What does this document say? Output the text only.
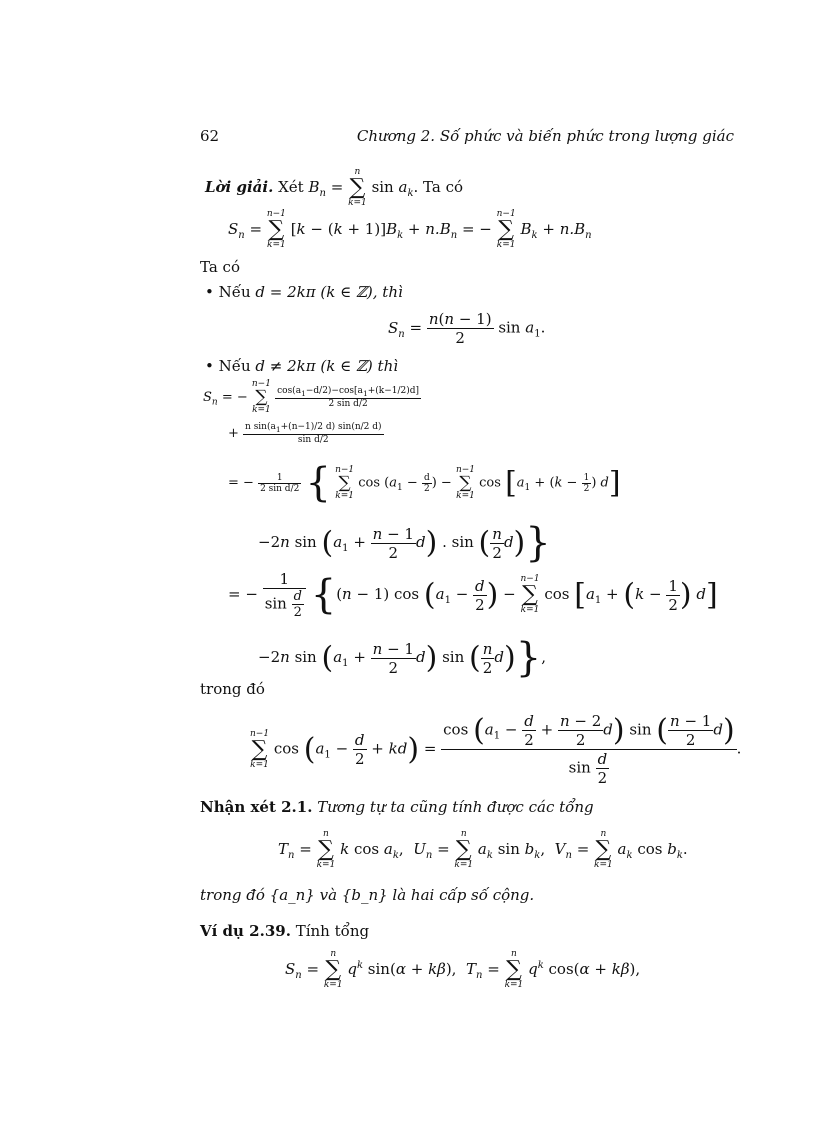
62	Chương 2. Số phức và biến phức trong lượng giác
Lời giải. Xét $B_n$ =
n
∑
k=1
$\sin a_k$. Ta có
$S_n$ =
n−1
∑
k=1
$[k - (k + 1)]B_k + n.B_n$ = −
n−1
∑
k=1
$B_k + n.B_n$
Ta có
• Nếu d = 2kπ (k ∈ ℤ), thì
$S_n = \frac{n(n - 1)}{2}$ $\sin a_1$.
• Nếu d ≠ 2kπ (k ∈ ℤ) thì
$S_n$ = −
n−1
∑
k=1

$\frac{\cos(a_1-d/2)-\cos[a_1+(k-1/2)d]}{\text{2 sin d/2}}$
+ $\frac{n \sin(a_1+(n-1)/2 d) \sin(n/2 d)}{\text{sin d/2}}$
= − $\frac{1}{\text{2 sin d/2}}$ { n−1
∑
k=1
$\cos (a_1 - \frac{d}{2}$ ) −
n−1
∑
k=1
$\cos [a_1 + (k - \frac{1}{2}$ ) d]
−2n $\sin (a_1 + \frac{n - 1}{2} d)$ . sin ( $\frac{n}{2} d$)}
= − $\frac{1}{\sin \frac{d}{2}} \{(n - 1)$ $\cos (a_1 - \frac{d}{2}$ ) −
n−1
∑
k=1
$\cos [a_1 + (k - \frac{1}{2}$ ) d]
−2n $\sin (a_1 + \frac{n - 1}{2} d)$ sin ( $\frac{n}{2} d$)},
trong đó
n−1
∑
k=1
$\cos (a_1 - \frac{d}{2} + kd) = \frac{\cos (a_1 - \frac{d}{2} + \frac{n - 2}{2} d) \sin ( \frac{n - 1}{2} d)}{\sin \frac{d}{2}}$ .
Nhận xét 2.1. Tương tự ta cũng tính được các tổng
$T_n$ =
n
∑
k=1
k $\cos a_k$,  $U_n$ =
n
∑
k=1
$a_k$ $\sin b_k$,  $V_n$ =
n
∑
k=1
$a_k$ $\cos b_k$.
trong đó {a_n} và {b_n} là hai cấp số cộng.
Ví dụ 2.39. Tính tổng
$S_n$ =
n
∑
k=1
$q^k$ sin(α + kβ),  $T_n$ =
n
∑
k=1
$q^k$ cos(α + kβ),
